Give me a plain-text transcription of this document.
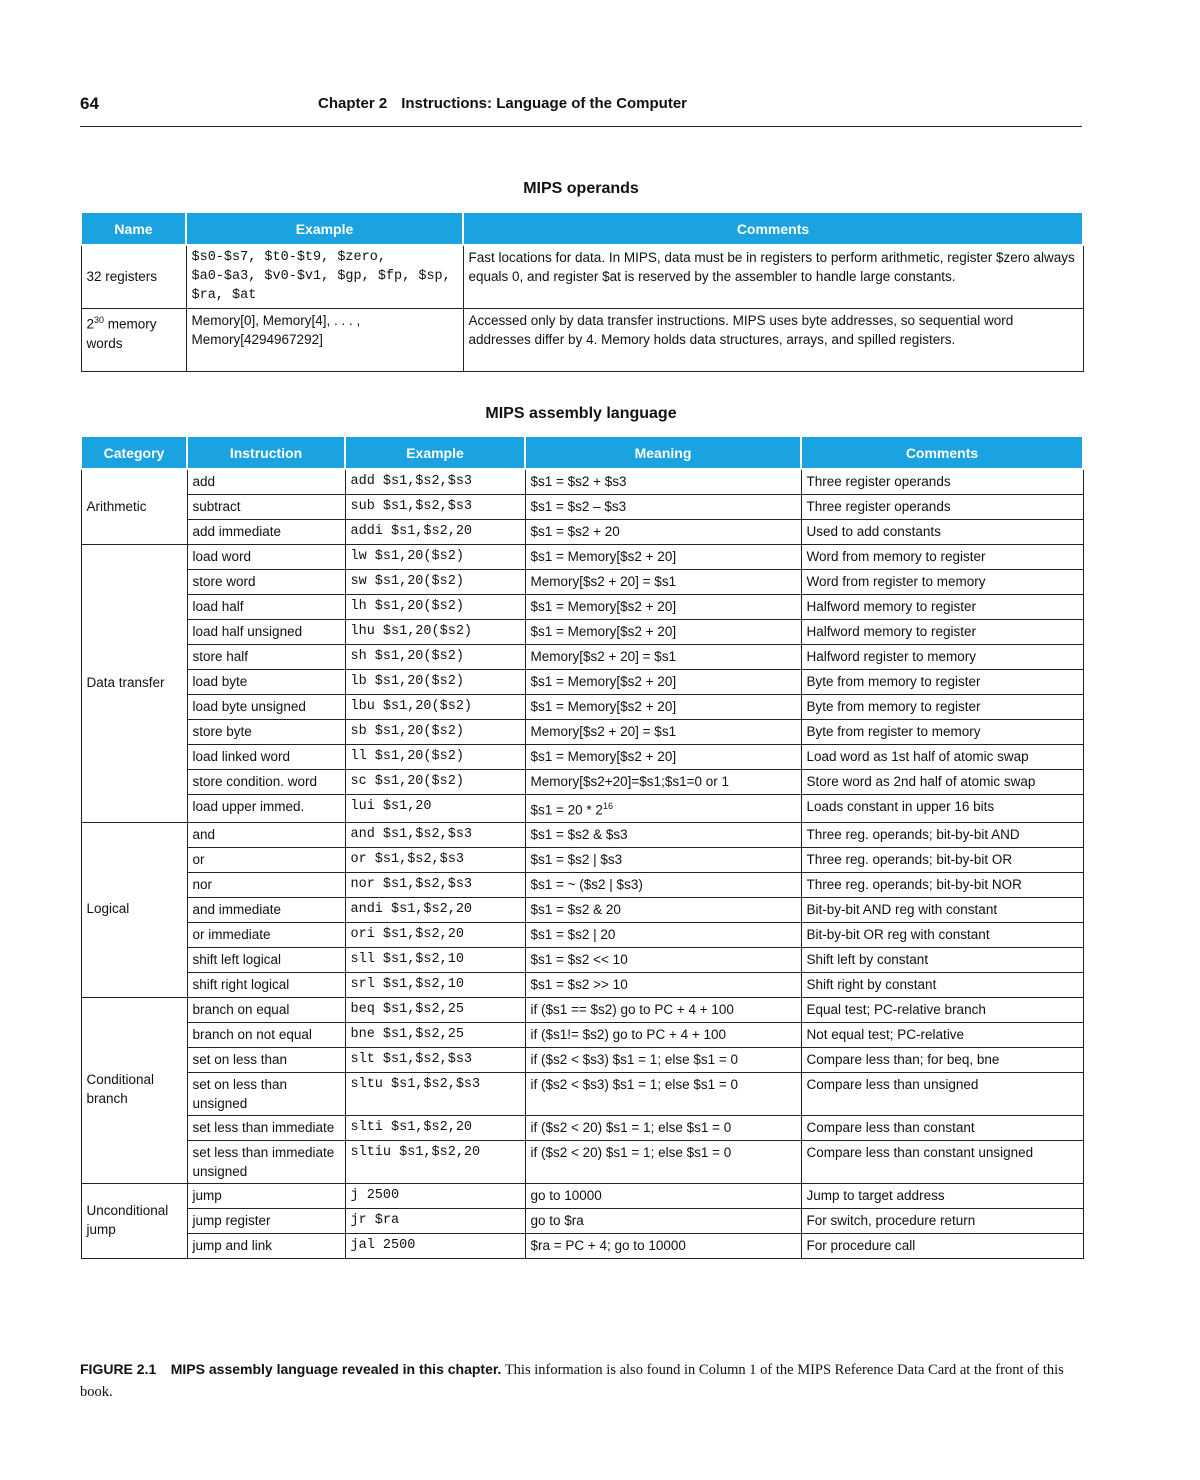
64	Chapter 2 Instructions: Language of the Computer
MIPS operands
Name	Example	Comments
32 registers	$s0-$s7, $t0-$t9, $zero, $a0-$a3, $v0-$v1, $gp, $fp, $sp, $ra, $at	Fast locations for data. In MIPS, data must be in registers to perform arithmetic, register $zero always equals 0, and register $at is reserved by the assembler to handle large constants.
$2^{30}$ memory words	Memory[0], Memory[4], . . . , Memory[4294967292]	Accessed only by data transfer instructions. MIPS uses byte addresses, so sequential word addresses differ by 4. Memory holds data structures, arrays, and spilled registers.
MIPS assembly language
Category	Instruction	Example	Meaning	Comments
Arithmetic	add	add $s1,$s2,$s3	$s1 = $s2 + $s3	Three register operands
	subtract	sub $s1,$s2,$s3	$s1 = $s2 – $s3	Three register operands
	add immediate	addi $s1,$s2,20	$s1 = $s2 + 20	Used to add constants
Data transfer	load word	lw $s1,20($s2)	$s1 = Memory[$s2 + 20]	Word from memory to register
	store word	sw $s1,20($s2)	Memory[$s2 + 20] = $s1	Word from register to memory
	load half	lh $s1,20($s2)	$s1 = Memory[$s2 + 20]	Halfword memory to register
	load half unsigned	lhu $s1,20($s2)	$s1 = Memory[$s2 + 20]	Halfword memory to register
	store half	sh $s1,20($s2)	Memory[$s2 + 20] = $s1	Halfword register to memory
	load byte	lb $s1,20($s2)	$s1 = Memory[$s2 + 20]	Byte from memory to register
	load byte unsigned	lbu $s1,20($s2)	$s1 = Memory[$s2 + 20]	Byte from memory to register
	store byte	sb $s1,20($s2)	Memory[$s2 + 20] = $s1	Byte from register to memory
	load linked word	ll $s1,20($s2)	$s1 = Memory[$s2 + 20]	Load word as 1st half of atomic swap
	store condition. word	sc $s1,20($s2)	Memory[$s2+20]=$s1;$s1=0 or 1	Store word as 2nd half of atomic swap
	load upper immed.	lui $s1,20	$s1 = $20 * 2^{16}$	Loads constant in upper 16 bits
Logical	and	and $s1,$s2,$s3	$s1 = $s2 & $s3	Three reg. operands; bit-by-bit AND
	or	or $s1,$s2,$s3	$s1 = $s2 | $s3	Three reg. operands; bit-by-bit OR
	nor	nor $s1,$s2,$s3	$s1 = ~ ($s2 | $s3)	Three reg. operands; bit-by-bit NOR
	and immediate	andi $s1,$s2,20	$s1 = $s2 & 20	Bit-by-bit AND reg with constant
	or immediate	ori $s1,$s2,20	$s1 = $s2 | 20	Bit-by-bit OR reg with constant
	shift left logical	sll $s1,$s2,10	$s1 = $s2 << 10	Shift left by constant
	shift right logical	srl $s1,$s2,10	$s1 = $s2 >> 10	Shift right by constant
Conditional branch	branch on equal	beq $s1,$s2,25	if ($s1 == $s2) go to PC + 4 + 100	Equal test; PC-relative branch
	branch on not equal	bne $s1,$s2,25	if ($s1!= $s2) go to PC + 4 + 100	Not equal test; PC-relative
	set on less than	slt $s1,$s2,$s3	if ($s2 < $s3) $s1 = 1; else $s1 = 0	Compare less than; for beq, bne
	set on less than unsigned	sltu $s1,$s2,$s3	if ($s2 < $s3) $s1 = 1; else $s1 = 0	Compare less than unsigned
	set less than immediate	slti $s1,$s2,20	if ($s2 < 20) $s1 = 1; else $s1 = 0	Compare less than constant
	set less than immediate unsigned	sltiu $s1,$s2,20	if ($s2 < 20) $s1 = 1; else $s1 = 0	Compare less than constant unsigned
Unconditional jump	jump	j 2500	go to 10000	Jump to target address
	jump register	jr $ra	go to $ra	For switch, procedure return
	jump and link	jal 2500	$ra = PC + 4; go to 10000	For procedure call
FIGURE 2.1 MIPS assembly language revealed in this chapter. This information is also found in Column 1 of the MIPS Reference Data Card at the front of this book.
